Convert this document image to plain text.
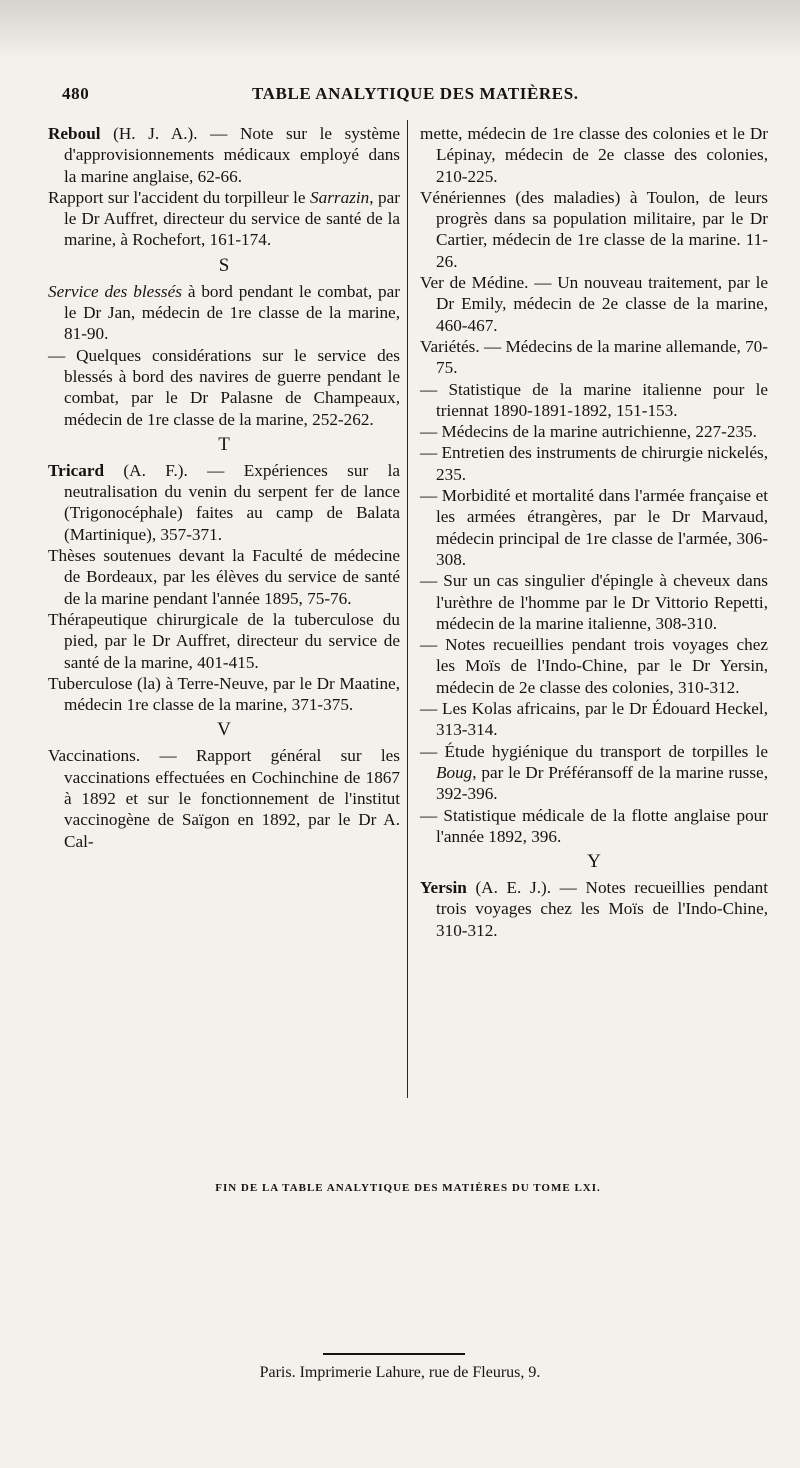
480	TABLE ANALYTIQUE DES MATIÈRES.

Reboul (H. J. A.). — Note sur le système d'approvisionnements médicaux employé dans la marine anglaise, 62-66.

Rapport sur l'accident du torpilleur le Sarrazin, par le Dr Auffret, directeur du service de santé de la marine, à Rochefort, 161-174.

S

Service des blessés à bord pendant le combat, par le Dr Jan, médecin de 1re classe de la marine, 81-90.

— Quelques considérations sur le service des blessés à bord des navires de guerre pendant le combat, par le Dr Palasne de Champeaux, médecin de 1re classe de la marine, 252-262.

T

Tricard (A. F.). — Expériences sur la neutralisation du venin du serpent fer de lance (Trigonocéphale) faites au camp de Balata (Martinique), 357-371.

Thèses soutenues devant la Faculté de médecine de Bordeaux, par les élèves du service de santé de la marine pendant l'année 1895, 75-76.

Thérapeutique chirurgicale de la tuberculose du pied, par le Dr Auffret, directeur du service de santé de la marine, 401-415.

Tuberculose (la) à Terre-Neuve, par le Dr Maatine, médecin 1re classe de la marine, 371-375.

V

Vaccinations. — Rapport général sur les vaccinations effectuées en Cochinchine de 1867 à 1892 et sur le fonctionnement de l'institut vaccinogène de Saïgon en 1892, par le Dr A. Cal-

mette, médecin de 1re classe des colonies et le Dr Lépinay, médecin de 2e classe des colonies, 210-225.

Vénériennes (des maladies) à Toulon, de leurs progrès dans sa population militaire, par le Dr Cartier, médecin de 1re classe de la marine. 11-26.

Ver de Médine. — Un nouveau traitement, par le Dr Emily, médecin de 2e classe de la marine, 460-467.

Variétés. — Médecins de la marine allemande, 70-75.

— Statistique de la marine italienne pour le triennat 1890-1891-1892, 151-153.

— Médecins de la marine autrichienne, 227-235.

— Entretien des instruments de chirurgie nickelés, 235.

— Morbidité et mortalité dans l'armée française et les armées étrangères, par le Dr Marvaud, médecin principal de 1re classe de l'armée, 306-308.

— Sur un cas singulier d'épingle à cheveux dans l'urèthre de l'homme par le Dr Vittorio Repetti, médecin de la marine italienne, 308-310.

— Notes recueillies pendant trois voyages chez les Moïs de l'Indo-Chine, par le Dr Yersin, médecin de 2e classe des colonies, 310-312.

— Les Kolas africains, par le Dr Édouard Heckel, 313-314.

— Étude hygiénique du transport de torpilles le Boug, par le Dr Préféransoff de la marine russe, 392-396.

— Statistique médicale de la flotte anglaise pour l'année 1892, 396.

Y

Yersin (A. E. J.). — Notes recueillies pendant trois voyages chez les Moïs de l'Indo-Chine, 310-312.

FIN DE LA TABLE ANALYTIQUE DES MATIÈRES DU TOME LXI.
Paris. Imprimerie Lahure, rue de Fleurus, 9.
